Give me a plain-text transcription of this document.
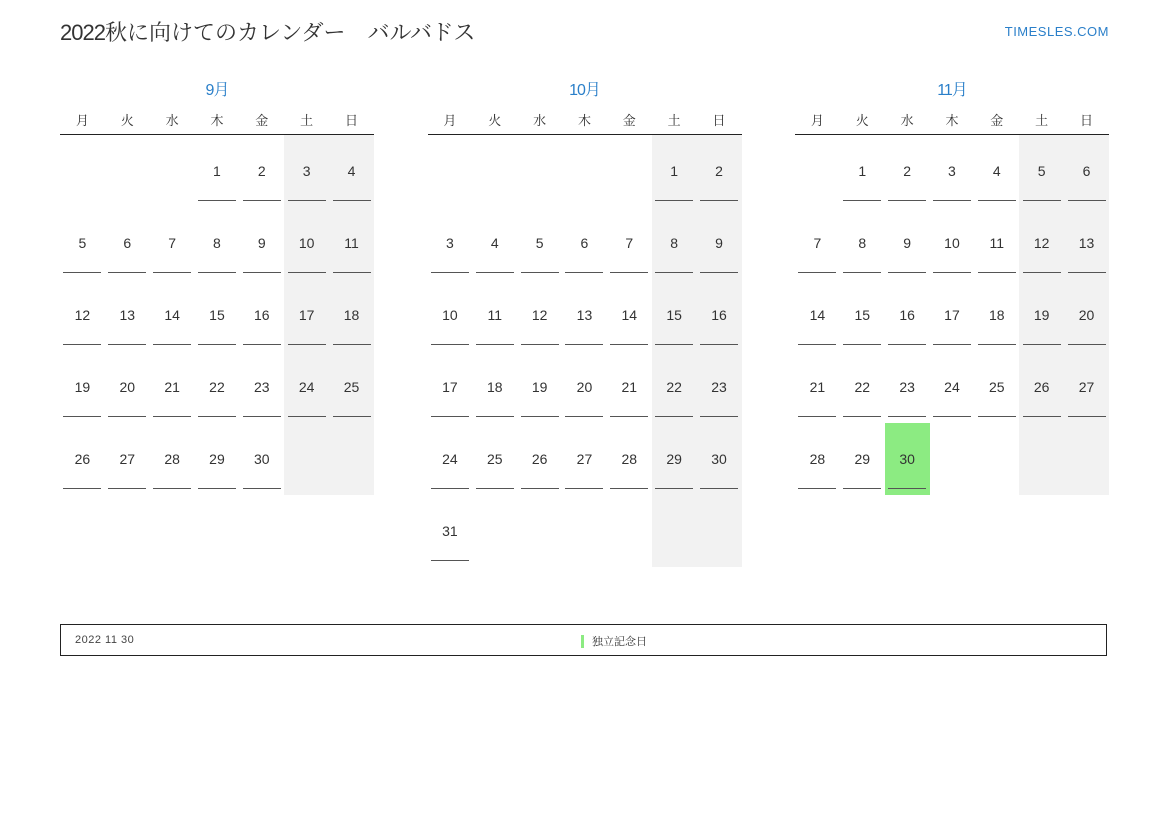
2022秋に向けてのカレンダー　バルバドス	TIMESLES.COM
9月
月	火	水	木	金	土	日

			1	2	3	4

5	6	7	8	9	10	11

12	13	14	15	16	17	18

19	20	21	22	23	24	25

26	27	28	29	30		

10月
月	火	水	木	金	土	日

					1	2

3	4	5	6	7	8	9

10	11	12	13	14	15	16

17	18	19	20	21	22	23

24	25	26	27	28	29	30

31						

11月
月	火	水	木	金	土	日

	1	2	3	4	5	6

7	8	9	10	11	12	13

14	15	16	17	18	19	20

21	22	23	24	25	26	27

28	29	30				

2022 11 30	独立記念日
